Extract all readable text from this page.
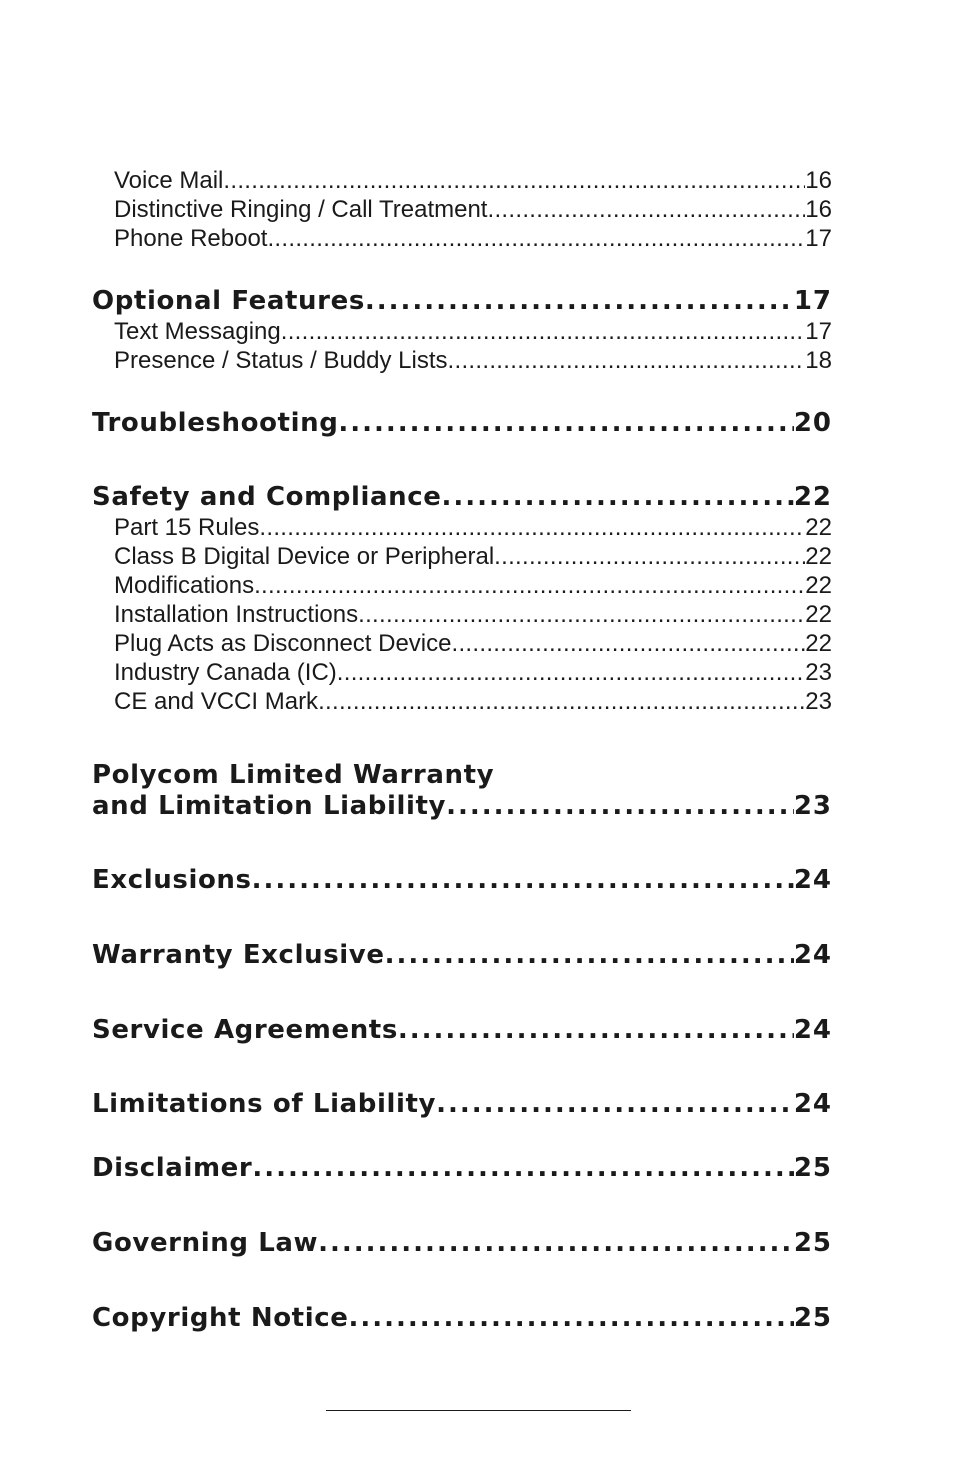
Voice Mail .....	16
Distinctive Ringing / Call Treatment .....	16
Phone Reboot .....	17
Optional Features .....	17
Text Messaging .....	17
Presence / Status / Buddy Lists .....	18
Troubleshooting .....	20
Safety and Compliance .....	22
Part 15 Rules .....	22
Class B Digital Device or Peripheral .....	22
Modifications .....	22
Installation Instructions .....	22
Plug Acts as Disconnect Device .....	22
Industry Canada (IC) .....	23
CE and VCCI Mark .....	23
Polycom Limited Warranty
and Limitation Liability .....	23
Exclusions .....	24
Warranty Exclusive .....	24
Service Agreements .....	24
Limitations of Liability .....	24
Disclaimer .....	25
Governing Law .....	25
Copyright Notice .....	25
